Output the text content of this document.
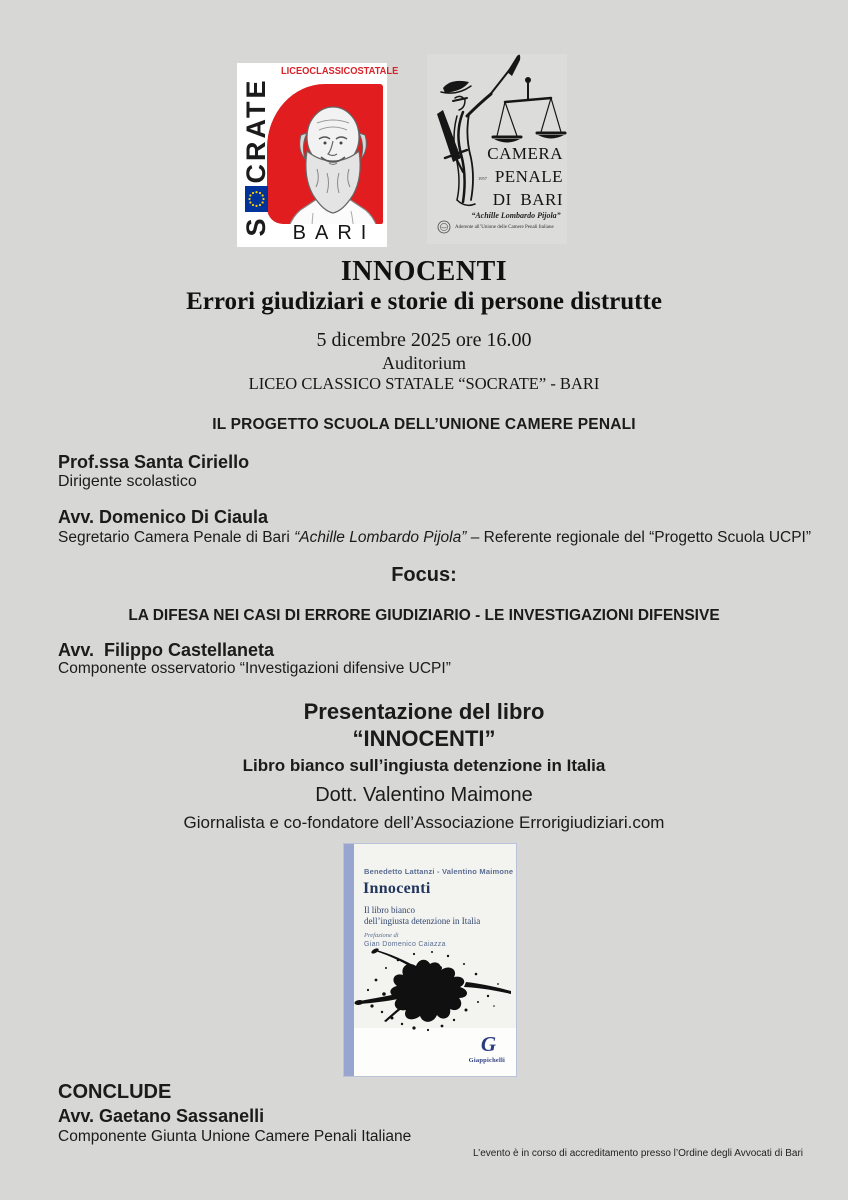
LICEOCLASSICOSTATALE
S
CRATE
BARI
CAMERA
PENALE
DI BARI
1957
“Achille Lombardo Pijola”
Aderente all’Unione delle Camere Penali Italiane
INNOCENTI
Errori giudiziari e storie di persone distrutte
5 dicembre 2025 ore 16.00
Auditorium
LICEO CLASSICO STATALE “SOCRATE” - BARI
IL PROGETTO SCUOLA DELL’UNIONE CAMERE PENALI
Prof.ssa Santa Ciriello
Dirigente scolastico
Avv. Domenico Di Ciaula
Segretario Camera Penale di Bari “Achille Lombardo Pijola” – Referente regionale del “Progetto Scuola UCPI”
Focus:
LA DIFESA NEI CASI DI ERRORE GIUDIZIARIO - LE INVESTIGAZIONI DIFENSIVE
Avv.  Filippo Castellaneta
Componente osservatorio “Investigazioni difensive UCPI”
Presentazione del libro
“INNOCENTI”
Libro bianco sull’ingiusta detenzione in Italia
Dott. Valentino Maimone
Giornalista e co-fondatore dell’Associazione Errorigiudiziari.com
Benedetto Lattanzi - Valentino Maimone
Innocenti
Il libro bianco
dell’ingiusta detenzione in Italia
Prefazione di
Gian Domenico Caiazza
G
Giappichelli
CONCLUDE
Avv. Gaetano Sassanelli
Componente Giunta Unione Camere Penali Italiane
L’evento è in corso di accreditamento presso l’Ordine degli Avvocati di Bari
